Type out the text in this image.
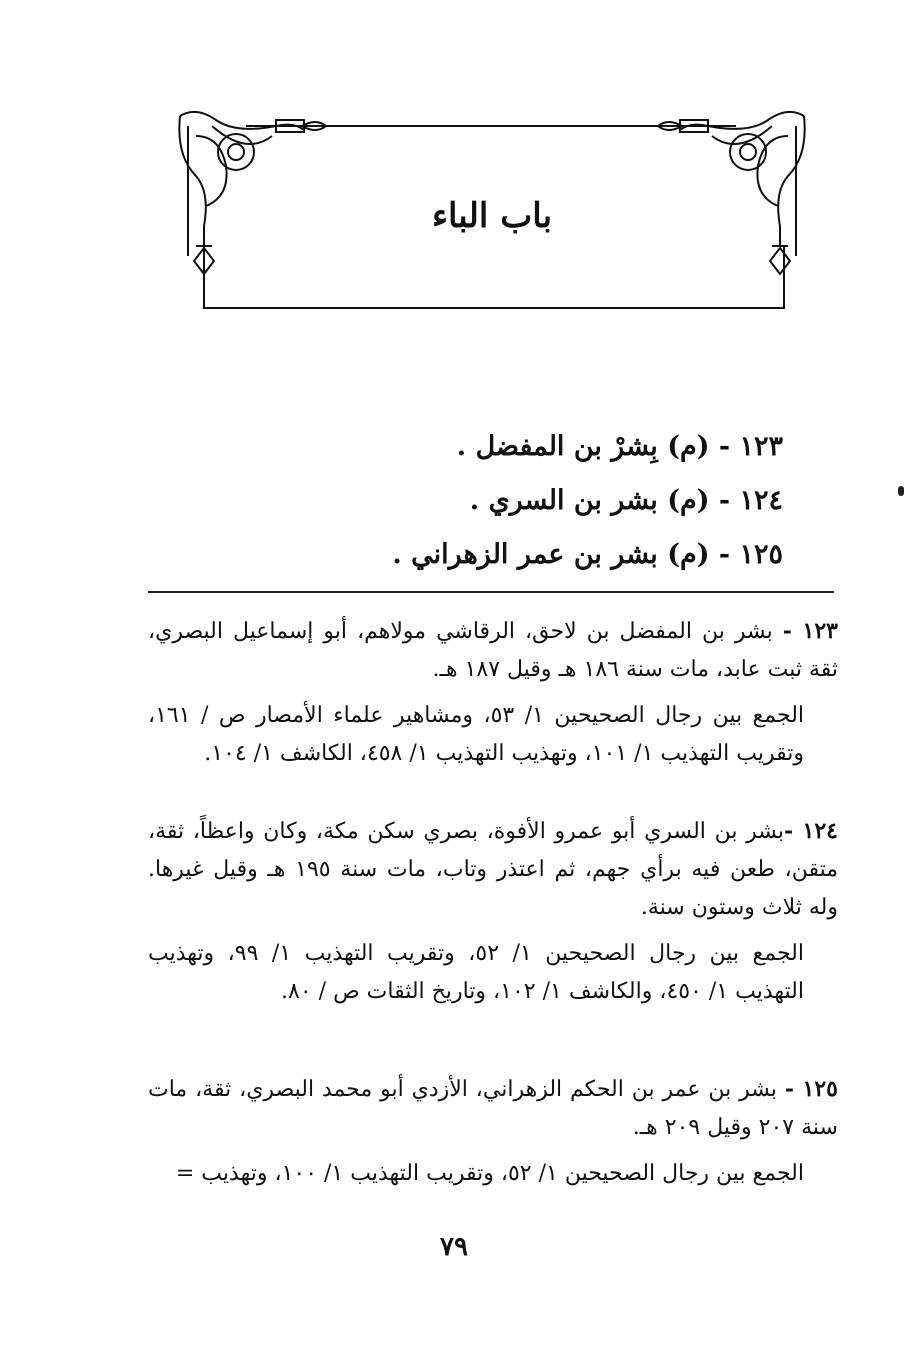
باب الباء
١٢٣ - (م) بِشرْ بن المفضل .
١٢٤ - (م) بشر بن السري .
١٢٥ - (م) بشر بن عمر الزهراني .

١٢٣ - بشر بن المفضل بن لاحق، الرقاشي مولاهم، أبو إسماعيل البصري، ثقة ثبت عابد، مات سنة ١٨٦ هـ وقيل ١٨٧ هـ.

الجمع بين رجال الصحيحين ١/ ٥٣، ومشاهير علماء الأمصار ص / ١٦١، وتقريب التهذيب ١/ ١٠١، وتهذيب التهذيب ١/ ٤٥٨، الكاشف ١/ ١٠٤.

١٢٤ -بشر بن السري أبو عمرو الأفوة، بصري سكن مكة، وكان واعظاً، ثقة، متقن، طعن فيه برأي جهم، ثم اعتذر وتاب، مات سنة ١٩٥ هـ وقيل غيرها. وله ثلاث وستون سنة.

الجمع بين رجال الصحيحين ١/ ٥٢، وتقريب التهذيب ١/ ٩٩، وتهذيب التهذيب ١/ ٤٥٠، والكاشف ١/ ١٠٢، وتاريخ الثقات ص / ٨٠.

١٢٥ - بشر بن عمر بن الحكم الزهراني، الأزدي أبو محمد البصري، ثقة، مات سنة ٢٠٧ وقيل ٢٠٩ هـ.

الجمع بين رجال الصحيحين ١/ ٥٢، وتقريب التهذيب ١/ ١٠٠، وتهذيب =

٧٩
